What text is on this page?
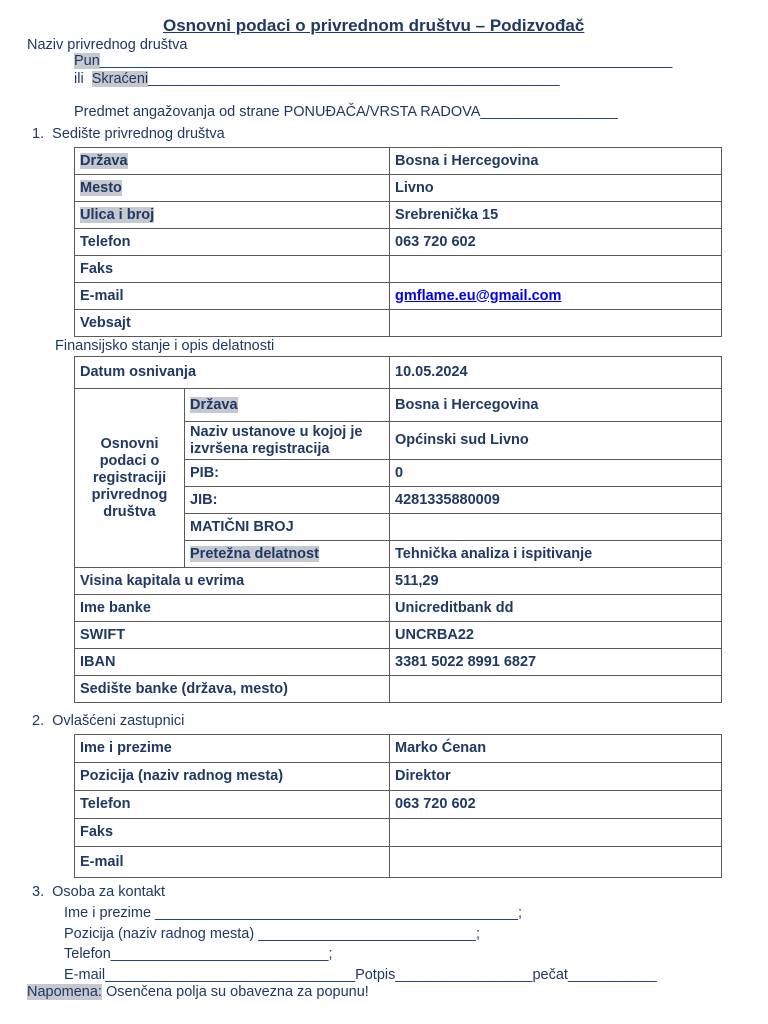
Osnovni podaci o privrednom društvu – Podizvođač
Naziv privrednog društva
Pun_______________________________________________________________________
ili Skraćeni___________________________________________________
Predmet angažovanja od strane PONUĐAČA/VRSTA RADOVA_________________
1. Sedište privrednog društva
Država	Bosna i Hercegovina
Mesto	Livno
Ulica i broj	Srebrenička 15
Telefon	063 720 602
Faks	
E-mail	gmflame.eu@gmail.com
Vebsajt	
Finansijsko stanje i opis delatnosti
Datum osnivanja		10.05.2024
Osnovni podaci o registraciji privrednog društva	Država	Bosna i Hercegovina
	Naziv ustanove u kojoj je izvršena registracija	Općinski sud Livno
	PIB:	0
	JIB:	4281335880009
	MATIČNI BROJ	
	Pretežna delatnost	Tehnička analiza i ispitivanje
Visina kapitala u evrima		511,29
Ime banke		Unicreditbank dd
SWIFT		UNCRBA22
IBAN		3381 5022 8991 6827
Sedište banke (država, mesto)		
2. Ovlašćeni zastupnici
Ime i prezime	Marko Ćenan
Pozicija (naziv radnog mesta)	Direktor
Telefon	063 720 602
Faks	
E-mail	
3. Osoba za kontakt
Ime i prezime _____________________________________________;
Pozicija (naziv radnog mesta) ___________________________;
Telefon___________________________;
E-mail_______________________________Potpis_________________pečat___________
Napomena: Osenčena polja su obavezna za popunu!
